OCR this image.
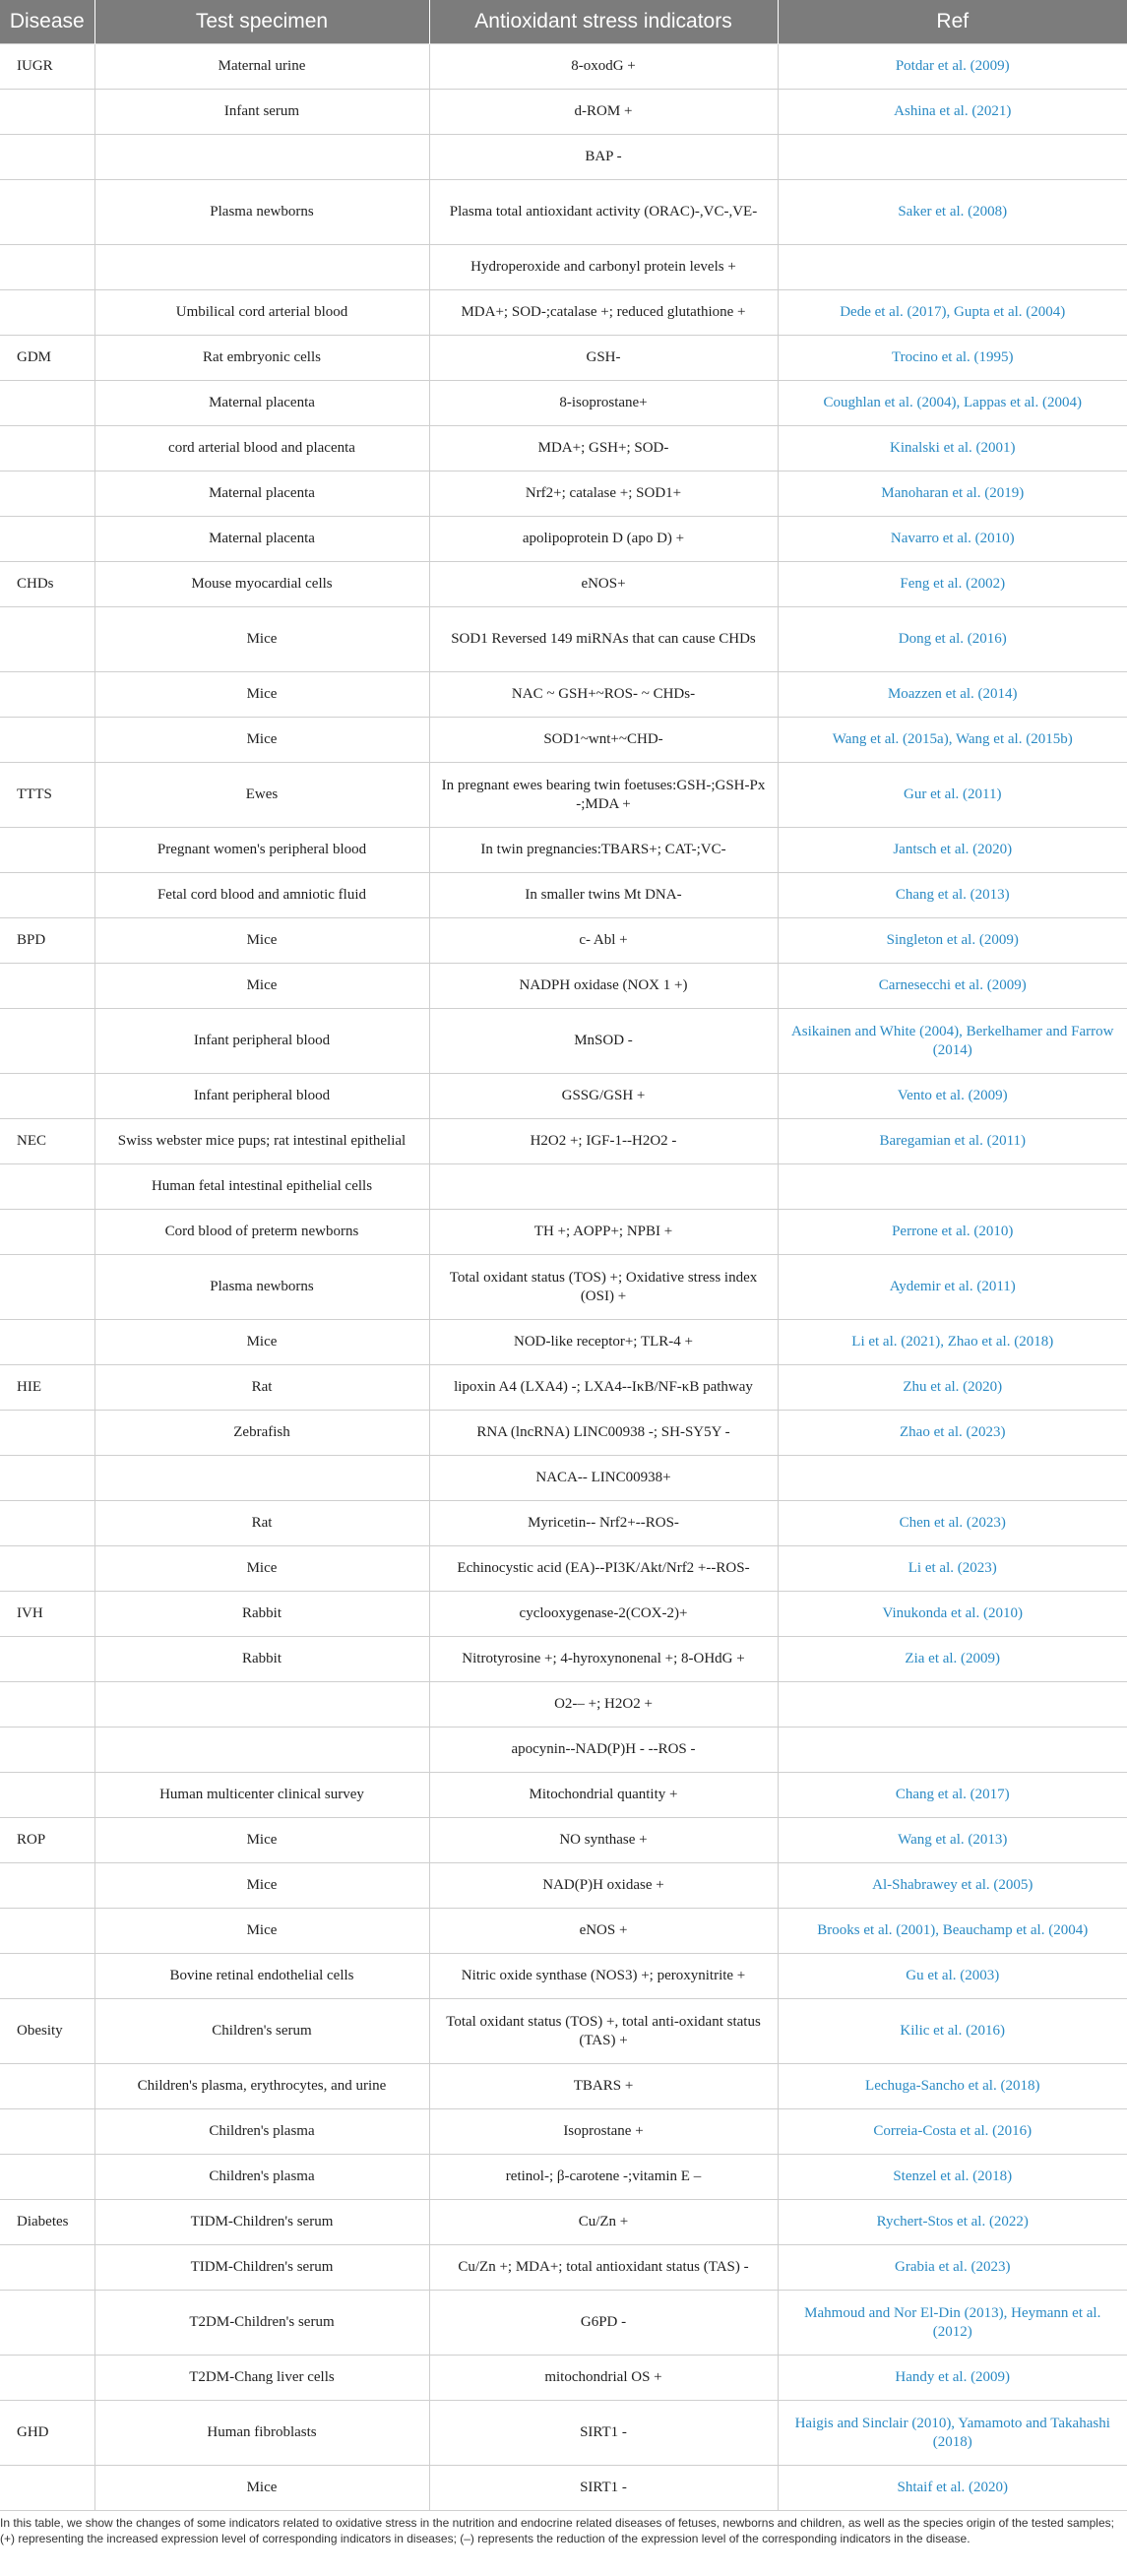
Disease	Test specimen	Antioxidant stress indicators	Ref
IUGR	Maternal urine	8-oxodG +	Potdar et al. (2009)
	Infant serum	d-ROM +	Ashina et al. (2021)
		BAP -	
	Plasma newborns	Plasma total antioxidant activity (ORAC)-,VC-,VE-	Saker et al. (2008)
		Hydroperoxide and carbonyl protein levels +	
	Umbilical cord arterial blood	MDA+; SOD-;catalase +; reduced glutathione +	Dede et al. (2017), Gupta et al. (2004)
GDM	Rat embryonic cells	GSH-	Trocino et al. (1995)
	Maternal placenta	8-isoprostane+	Coughlan et al. (2004), Lappas et al. (2004)
	cord arterial blood and placenta	MDA+; GSH+; SOD-	Kinalski et al. (2001)
	Maternal placenta	Nrf2+; catalase +; SOD1+	Manoharan et al. (2019)
	Maternal placenta	apolipoprotein D (apo D) +	Navarro et al. (2010)
CHDs	Mouse myocardial cells	eNOS+	Feng et al. (2002)
	Mice	SOD1 Reversed 149 miRNAs that can cause CHDs	Dong et al. (2016)
	Mice	NAC ~ GSH+~ROS- ~ CHDs-	Moazzen et al. (2014)
	Mice	SOD1~wnt+~CHD-	Wang et al. (2015a), Wang et al. (2015b)
TTTS	Ewes	In pregnant ewes bearing twin foetuses:GSH-;GSH-Px -;MDA +	Gur et al. (2011)
	Pregnant women's peripheral blood	In twin pregnancies:TBARS+; CAT-;VC-	Jantsch et al. (2020)
	Fetal cord blood and amniotic fluid	In smaller twins Mt DNA-	Chang et al. (2013)
BPD	Mice	c- Abl +	Singleton et al. (2009)
	Mice	NADPH oxidase (NOX 1 +)	Carnesecchi et al. (2009)
	Infant peripheral blood	MnSOD -	Asikainen and White (2004), Berkelhamer and Farrow (2014)
	Infant peripheral blood	GSSG/GSH +	Vento et al. (2009)
NEC	Swiss webster mice pups; rat intestinal epithelial	H2O2 +; IGF-1--H2O2 -	Baregamian et al. (2011)
	Human fetal intestinal epithelial cells		
	Cord blood of preterm newborns	TH +; AOPP+; NPBI +	Perrone et al. (2010)
	Plasma newborns	Total oxidant status (TOS) +; Oxidative stress index (OSI) +	Aydemir et al. (2011)
	Mice	NOD-like receptor+; TLR-4 +	Li et al. (2021), Zhao et al. (2018)
HIE	Rat	lipoxin A4 (LXA4) -; LXA4--IκB/NF-κB pathway	Zhu et al. (2020)
	Zebrafish	RNA (lncRNA) LINC00938 -; SH-SY5Y -	Zhao et al. (2023)
		NACA-- LINC00938+	
	Rat	Myricetin-- Nrf2+--ROS-	Chen et al. (2023)
	Mice	Echinocystic acid (EA)--PI3K/Akt/Nrf2 +--ROS-	Li et al. (2023)
IVH	Rabbit	cyclooxygenase-2(COX-2)+	Vinukonda et al. (2010)
	Rabbit	Nitrotyrosine +; 4-hyroxynonenal +; 8-OHdG +	Zia et al. (2009)
		O2-– +; H2O2 +	
		apocynin--NAD(P)H - --ROS -	
	Human multicenter clinical survey	Mitochondrial quantity +	Chang et al. (2017)
ROP	Mice	NO synthase +	Wang et al. (2013)
	Mice	NAD(P)H oxidase +	Al-Shabrawey et al. (2005)
	Mice	eNOS +	Brooks et al. (2001), Beauchamp et al. (2004)
	Bovine retinal endothelial cells	Nitric oxide synthase (NOS3) +; peroxynitrite +	Gu et al. (2003)
Obesity	Children's serum	Total oxidant status (TOS) +, total anti-oxidant status (TAS) +	Kilic et al. (2016)
	Children's plasma, erythrocytes, and urine	TBARS +	Lechuga-Sancho et al. (2018)
	Children's plasma	Isoprostane +	Correia-Costa et al. (2016)
	Children's plasma	retinol-; β-carotene -;vitamin E –	Stenzel et al. (2018)
Diabetes	TIDM-Children's serum	Cu/Zn +	Rychert-Stos et al. (2022)
	TIDM-Children's serum	Cu/Zn +; MDA+; total antioxidant status (TAS) -	Grabia et al. (2023)
	T2DM-Children's serum	G6PD -	Mahmoud and Nor El-Din (2013), Heymann et al. (2012)
	T2DM-Chang liver cells	mitochondrial OS +	Handy et al. (2009)
GHD	Human fibroblasts	SIRT1 -	Haigis and Sinclair (2010), Yamamoto and Takahashi (2018)
	Mice	SIRT1 -	Shtaif et al. (2020)
In this table, we show the changes of some indicators related to oxidative stress in the nutrition and endocrine related diseases of fetuses, newborns and children, as well as the species origin of the tested samples; (+) representing the increased expression level of corresponding indicators in diseases; (–) represents the reduction of the expression level of the corresponding indicators in the disease.
